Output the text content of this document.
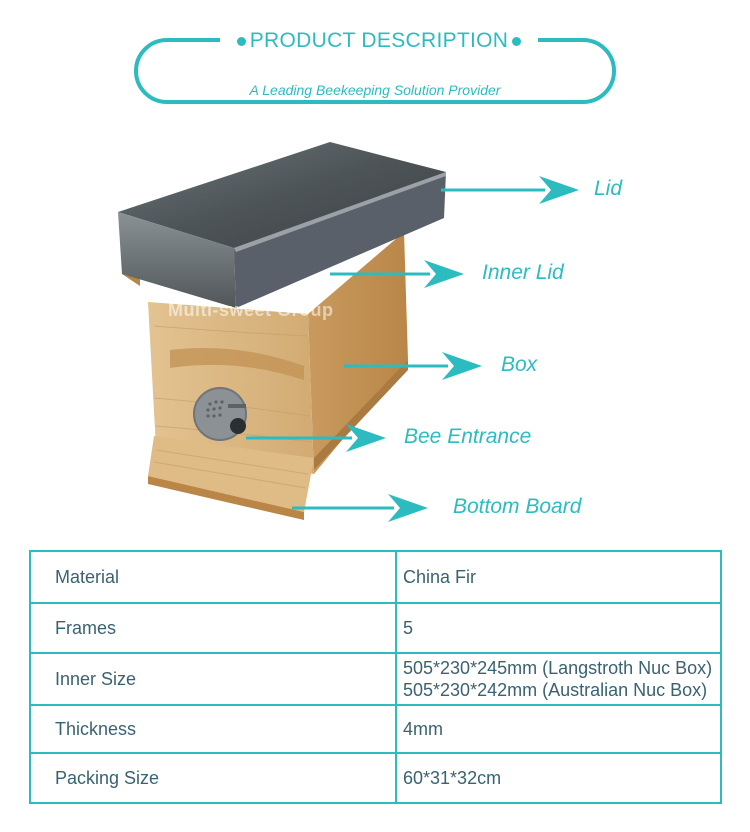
PRODUCT DESCRIPTION
A Leading Beekeeping Solution Provider
Multi-sweet Group
Lid
Inner Lid
Box
Bee Entrance
Bottom Board
Material	China Fir
Frames	5
Inner Size	505*230*245mm (Langstroth Nuc Box)
505*230*242mm (Australian Nuc Box)

Thickness	4mm
Packing Size	60*31*32cm
